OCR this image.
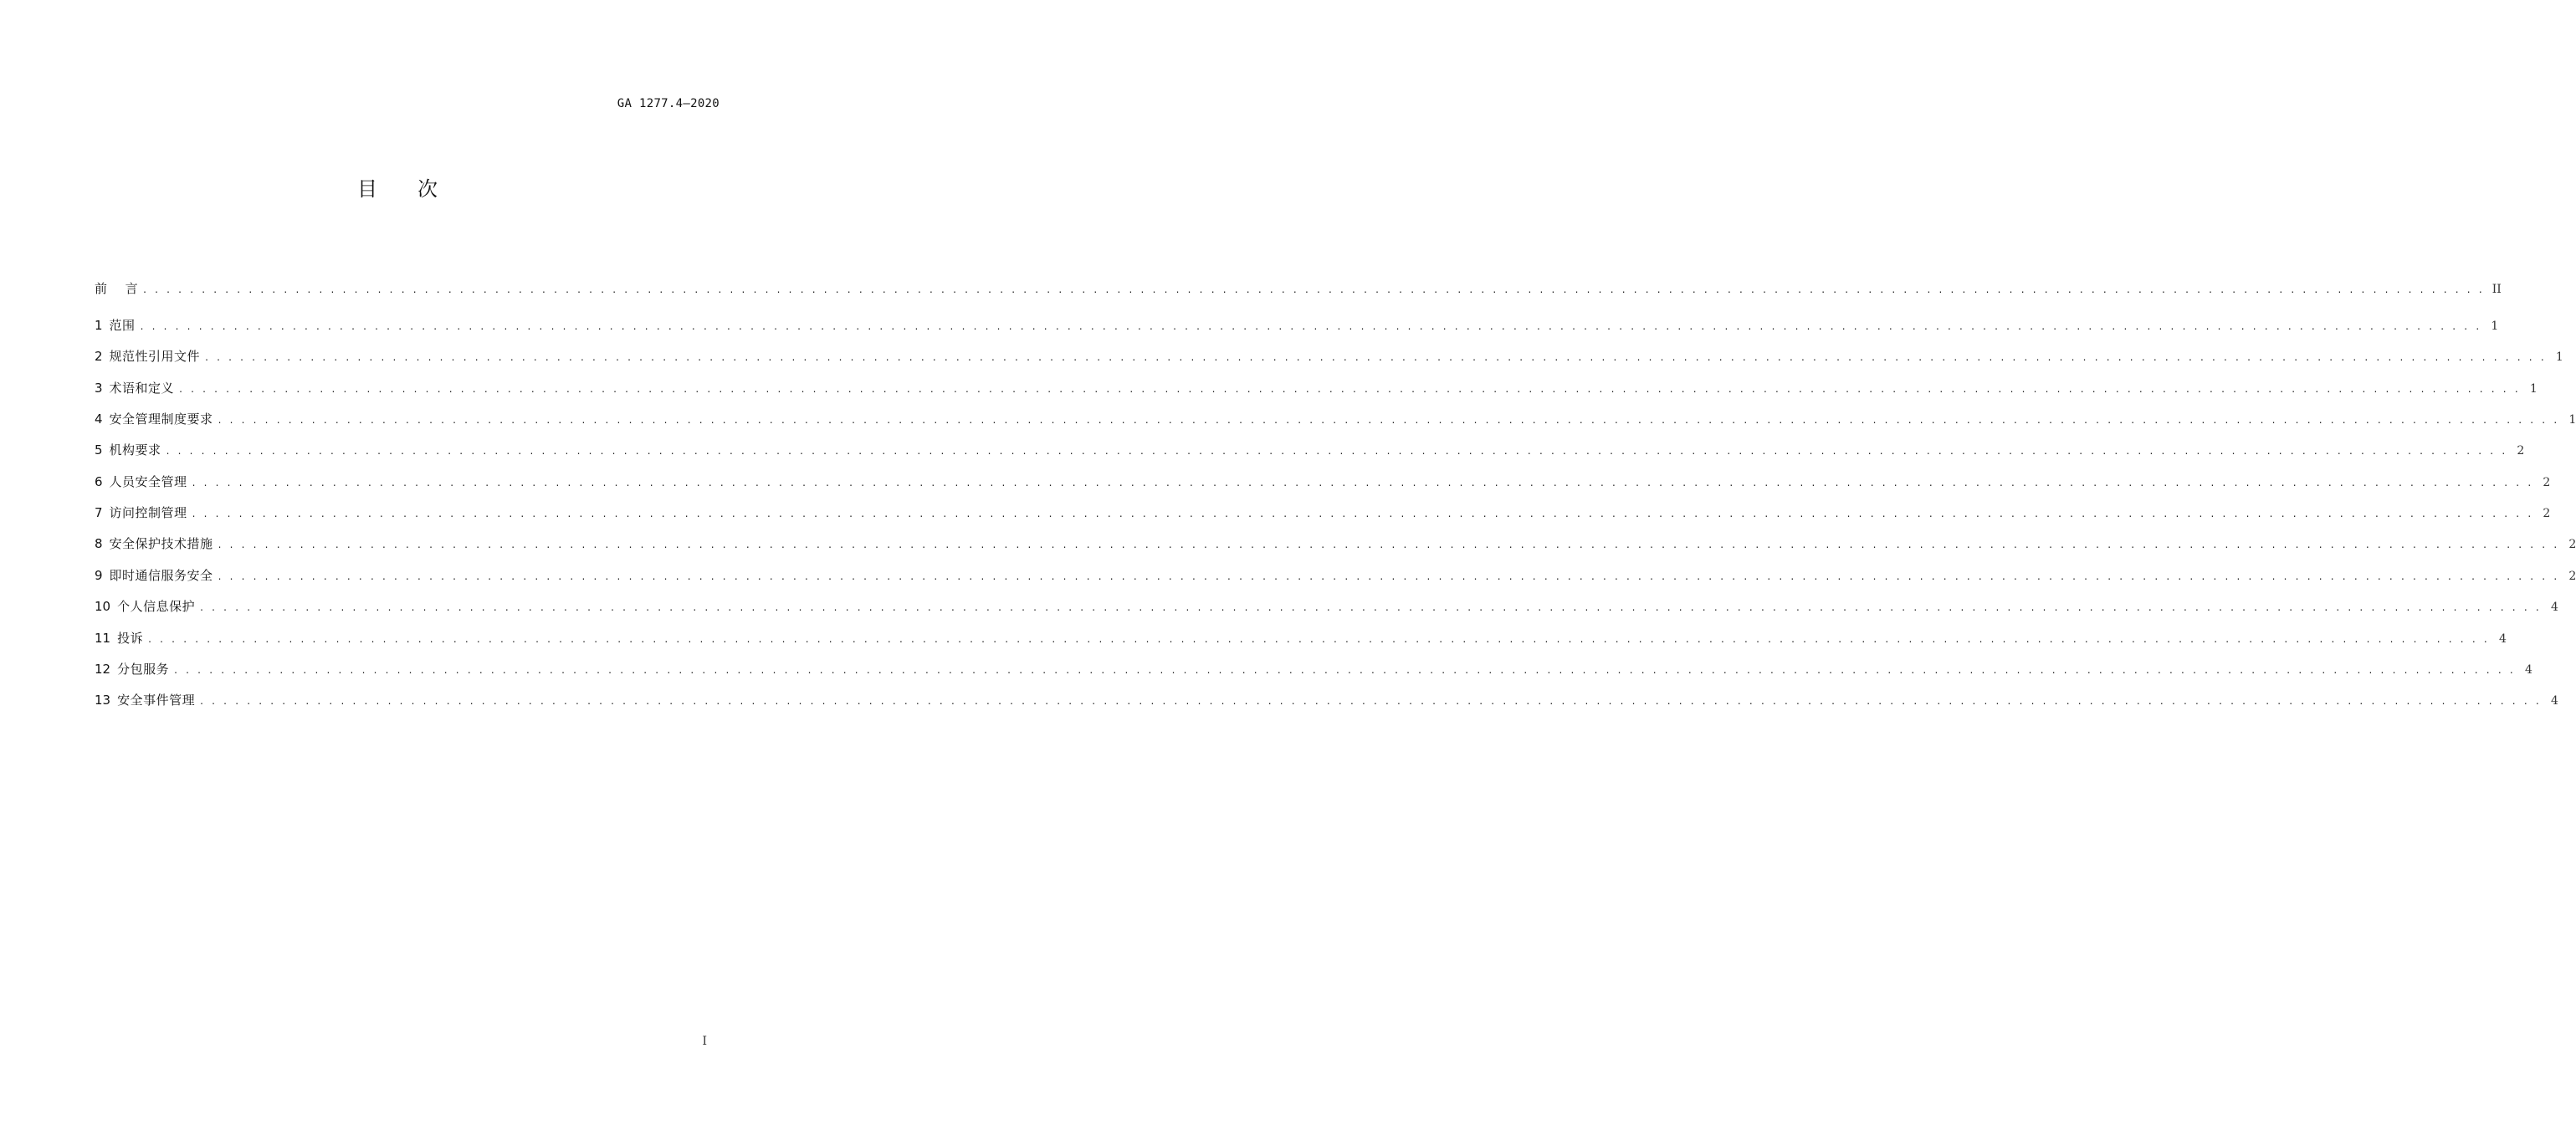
GA 1277.4—2020
目次
前    言 . . . . . . . . . . . . . . . . . . . . . . . . . . . . . . . . . . . . . . . . . . . . . . . . . . . . . . . . . . . . . . . . . . . . . . . . . . . . . . . . . . . . . . . . . . . . . . . . . . . . . . . . . . . . . . . . . . . . . . . . . . . . . . . . . . . . . . . . . . . . . . . . . . . . . . . . . . . . . . . . . . . . . . . . . . . . . . . . . . . . . . . . . . . . . . . . . . . . . . . . II
1 范围 . . . . . . . . . . . . . . . . . . . . . . . . . . . . . . . . . . . . . . . . . . . . . . . . . . . . . . . . . . . . . . . . . . . . . . . . . . . . . . . . . . . . . . . . . . . . . . . . . . . . . . . . . . . . . . . . . . . . . . . . . . . . . . . . . . . . . . . . . . . . . . . . . . . . . . . . . . . . . . . . . . . . . . . . . . . . . . . . . . . . . . . . . . . . . . . . . . . . . . . . 1
2 规范性引用文件 . . . . . . . . . . . . . . . . . . . . . . . . . . . . . . . . . . . . . . . . . . . . . . . . . . . . . . . . . . . . . . . . . . . . . . . . . . . . . . . . . . . . . . . . . . . . . . . . . . . . . . . . . . . . . . . . . . . . . . . . . . . . . . . . . . . . . . . . . . . . . . . . . . . . . . . . . . . . . . . . . . . . . . . . . . . . . . . . . . . . . . . . . . . . . . . . . . . . . . . . 1
3 术语和定义 . . . . . . . . . . . . . . . . . . . . . . . . . . . . . . . . . . . . . . . . . . . . . . . . . . . . . . . . . . . . . . . . . . . . . . . . . . . . . . . . . . . . . . . . . . . . . . . . . . . . . . . . . . . . . . . . . . . . . . . . . . . . . . . . . . . . . . . . . . . . . . . . . . . . . . . . . . . . . . . . . . . . . . . . . . . . . . . . . . . . . . . . . . . . . . . . . . . . . . . . 1
4 安全管理制度要求 . . . . . . . . . . . . . . . . . . . . . . . . . . . . . . . . . . . . . . . . . . . . . . . . . . . . . . . . . . . . . . . . . . . . . . . . . . . . . . . . . . . . . . . . . . . . . . . . . . . . . . . . . . . . . . . . . . . . . . . . . . . . . . . . . . . . . . . . . . . . . . . . . . . . . . . . . . . . . . . . . . . . . . . . . . . . . . . . . . . . . . . . . . . . . . . . . . . . . . . . 1
5 机构要求 . . . . . . . . . . . . . . . . . . . . . . . . . . . . . . . . . . . . . . . . . . . . . . . . . . . . . . . . . . . . . . . . . . . . . . . . . . . . . . . . . . . . . . . . . . . . . . . . . . . . . . . . . . . . . . . . . . . . . . . . . . . . . . . . . . . . . . . . . . . . . . . . . . . . . . . . . . . . . . . . . . . . . . . . . . . . . . . . . . . . . . . . . . . . . . . . . . . . . . . . 2
6 人员安全管理 . . . . . . . . . . . . . . . . . . . . . . . . . . . . . . . . . . . . . . . . . . . . . . . . . . . . . . . . . . . . . . . . . . . . . . . . . . . . . . . . . . . . . . . . . . . . . . . . . . . . . . . . . . . . . . . . . . . . . . . . . . . . . . . . . . . . . . . . . . . . . . . . . . . . . . . . . . . . . . . . . . . . . . . . . . . . . . . . . . . . . . . . . . . . . . . . . . . . . . . . 2
7 访问控制管理 . . . . . . . . . . . . . . . . . . . . . . . . . . . . . . . . . . . . . . . . . . . . . . . . . . . . . . . . . . . . . . . . . . . . . . . . . . . . . . . . . . . . . . . . . . . . . . . . . . . . . . . . . . . . . . . . . . . . . . . . . . . . . . . . . . . . . . . . . . . . . . . . . . . . . . . . . . . . . . . . . . . . . . . . . . . . . . . . . . . . . . . . . . . . . . . . . . . . . . . . 2
8 安全保护技术措施 . . . . . . . . . . . . . . . . . . . . . . . . . . . . . . . . . . . . . . . . . . . . . . . . . . . . . . . . . . . . . . . . . . . . . . . . . . . . . . . . . . . . . . . . . . . . . . . . . . . . . . . . . . . . . . . . . . . . . . . . . . . . . . . . . . . . . . . . . . . . . . . . . . . . . . . . . . . . . . . . . . . . . . . . . . . . . . . . . . . . . . . . . . . . . . . . . . . . . . . . 2
9 即时通信服务安全 . . . . . . . . . . . . . . . . . . . . . . . . . . . . . . . . . . . . . . . . . . . . . . . . . . . . . . . . . . . . . . . . . . . . . . . . . . . . . . . . . . . . . . . . . . . . . . . . . . . . . . . . . . . . . . . . . . . . . . . . . . . . . . . . . . . . . . . . . . . . . . . . . . . . . . . . . . . . . . . . . . . . . . . . . . . . . . . . . . . . . . . . . . . . . . . . . . . . . . . . 2
10 个人信息保护 . . . . . . . . . . . . . . . . . . . . . . . . . . . . . . . . . . . . . . . . . . . . . . . . . . . . . . . . . . . . . . . . . . . . . . . . . . . . . . . . . . . . . . . . . . . . . . . . . . . . . . . . . . . . . . . . . . . . . . . . . . . . . . . . . . . . . . . . . . . . . . . . . . . . . . . . . . . . . . . . . . . . . . . . . . . . . . . . . . . . . . . . . . . . . . . . . . . . . . . . 4
11 投诉 . . . . . . . . . . . . . . . . . . . . . . . . . . . . . . . . . . . . . . . . . . . . . . . . . . . . . . . . . . . . . . . . . . . . . . . . . . . . . . . . . . . . . . . . . . . . . . . . . . . . . . . . . . . . . . . . . . . . . . . . . . . . . . . . . . . . . . . . . . . . . . . . . . . . . . . . . . . . . . . . . . . . . . . . . . . . . . . . . . . . . . . . . . . . . . . . . . . . . . . . 4
12 分包服务 . . . . . . . . . . . . . . . . . . . . . . . . . . . . . . . . . . . . . . . . . . . . . . . . . . . . . . . . . . . . . . . . . . . . . . . . . . . . . . . . . . . . . . . . . . . . . . . . . . . . . . . . . . . . . . . . . . . . . . . . . . . . . . . . . . . . . . . . . . . . . . . . . . . . . . . . . . . . . . . . . . . . . . . . . . . . . . . . . . . . . . . . . . . . . . . . . . . . . . . . 4
13 安全事件管理 . . . . . . . . . . . . . . . . . . . . . . . . . . . . . . . . . . . . . . . . . . . . . . . . . . . . . . . . . . . . . . . . . . . . . . . . . . . . . . . . . . . . . . . . . . . . . . . . . . . . . . . . . . . . . . . . . . . . . . . . . . . . . . . . . . . . . . . . . . . . . . . . . . . . . . . . . . . . . . . . . . . . . . . . . . . . . . . . . . . . . . . . . . . . . . . . . . . . . . . . 4
I
